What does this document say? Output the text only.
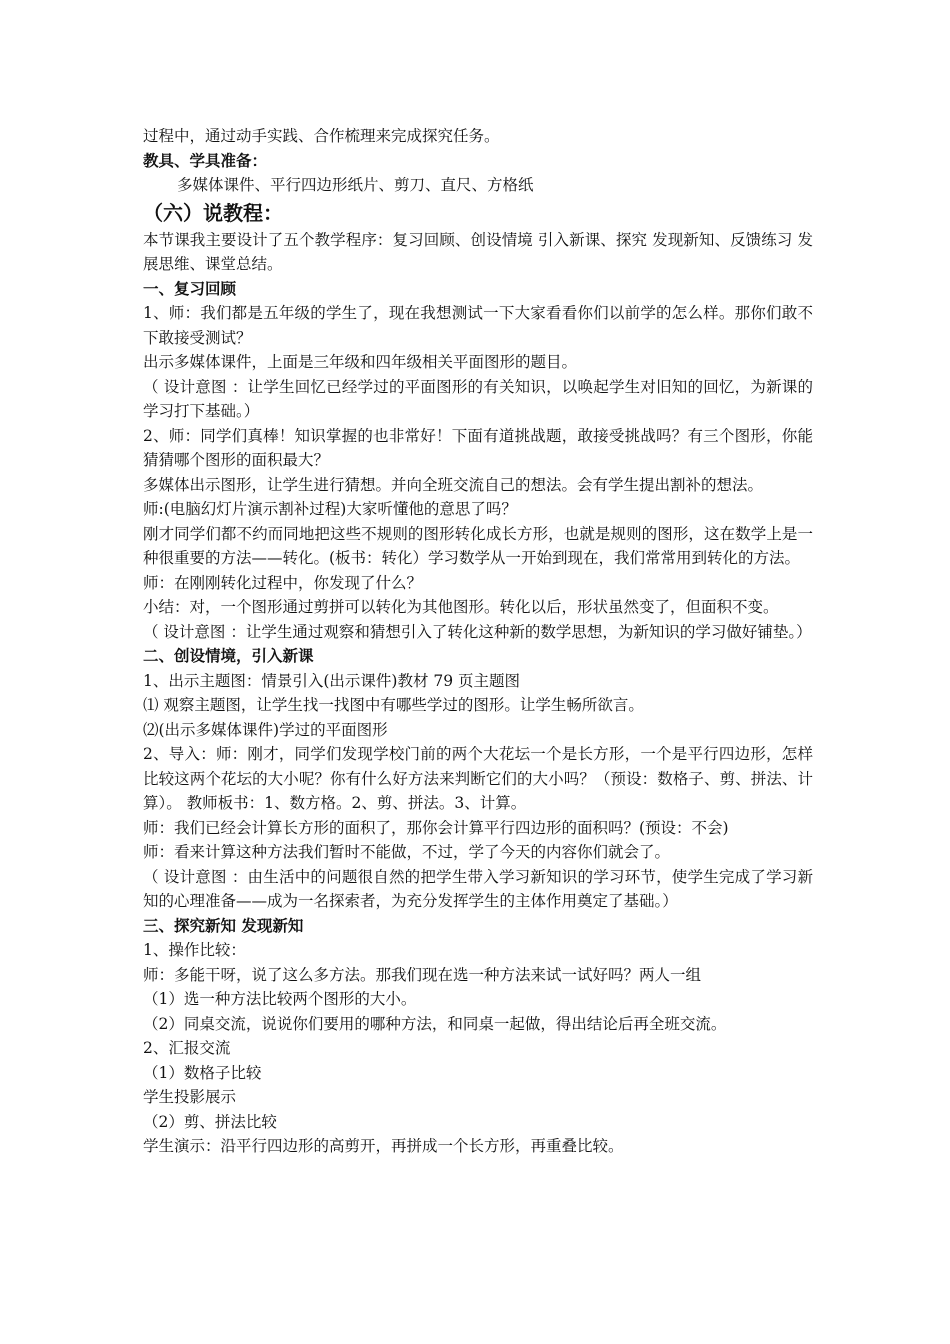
过程中，通过动手实践、合作梳理来完成探究任务。

教具、学具准备：

多媒体课件、平行四边形纸片、剪刀、直尺、方格纸

（六）说教程：

本节课我主要设计了五个教学程序：复习回顾、创设情境 引入新课、探究 发现新知、反馈练习 发展思维、课堂总结。

一、复习回顾

1、师：我们都是五年级的学生了，现在我想测试一下大家看看你们以前学的怎么样。那你们敢不下敢接受测试？

出示多媒体课件，上面是三年级和四年级相关平面图形的题目。

（ 设计意图 ：让学生回忆已经学过的平面图形的有关知识，以唤起学生对旧知的回忆，为新课的学习打下基础。）

2、师：同学们真棒！知识掌握的也非常好！下面有道挑战题，敢接受挑战吗？有三个图形，你能猜猜哪个图形的面积最大？

多媒体出示图形，让学生进行猜想。并向全班交流自己的想法。会有学生提出割补的想法。

师:(电脑幻灯片演示割补过程)大家听懂他的意思了吗？

刚才同学们都不约而同地把这些不规则的图形转化成长方形，也就是规则的图形，这在数学上是一种很重要的方法——转化。(板书：转化）学习数学从一开始到现在，我们常常用到转化的方法。

师：在刚刚转化过程中，你发现了什么？

小结：对，一个图形通过剪拼可以转化为其他图形。转化以后，形状虽然变了，但面积不变。

（ 设计意图 ：让学生通过观察和猜想引入了转化这种新的数学思想，为新知识的学习做好铺垫。）

二、创设情境，引入新课

1、出示主题图：情景引入(出示课件)教材 79 页主题图

⑴ 观察主题图，让学生找一找图中有哪些学过的图形。让学生畅所欲言。

⑵(出示多媒体课件)学过的平面图形

2、导入：师：刚才，同学们发现学校门前的两个大花坛一个是长方形，一个是平行四边形，怎样比较这两个花坛的大小呢？你有什么好方法来判断它们的大小吗？（预设：数格子、剪、拼法、计算）。 教师板书：1、数方格。2、剪、拼法。3、计算。

师：我们已经会计算长方形的面积了，那你会计算平行四边形的面积吗？(预设：不会)

师：看来计算这种方法我们暂时不能做，不过，学了今天的内容你们就会了。

（ 设计意图 ：由生活中的问题很自然的把学生带入学习新知识的学习环节，使学生完成了学习新知的心理准备——成为一名探索者，为充分发挥学生的主体作用奠定了基础。）

三、探究新知 发现新知

1、操作比较：

师：多能干呀，说了这么多方法。那我们现在选一种方法来试一试好吗？两人一组

（1）选一种方法比较两个图形的大小。

（2）同桌交流，说说你们要用的哪种方法，和同桌一起做，得出结论后再全班交流。

2、汇报交流

（1）数格子比较

学生投影展示

（2）剪、拼法比较

学生演示：沿平行四边形的高剪开，再拼成一个长方形，再重叠比较。
